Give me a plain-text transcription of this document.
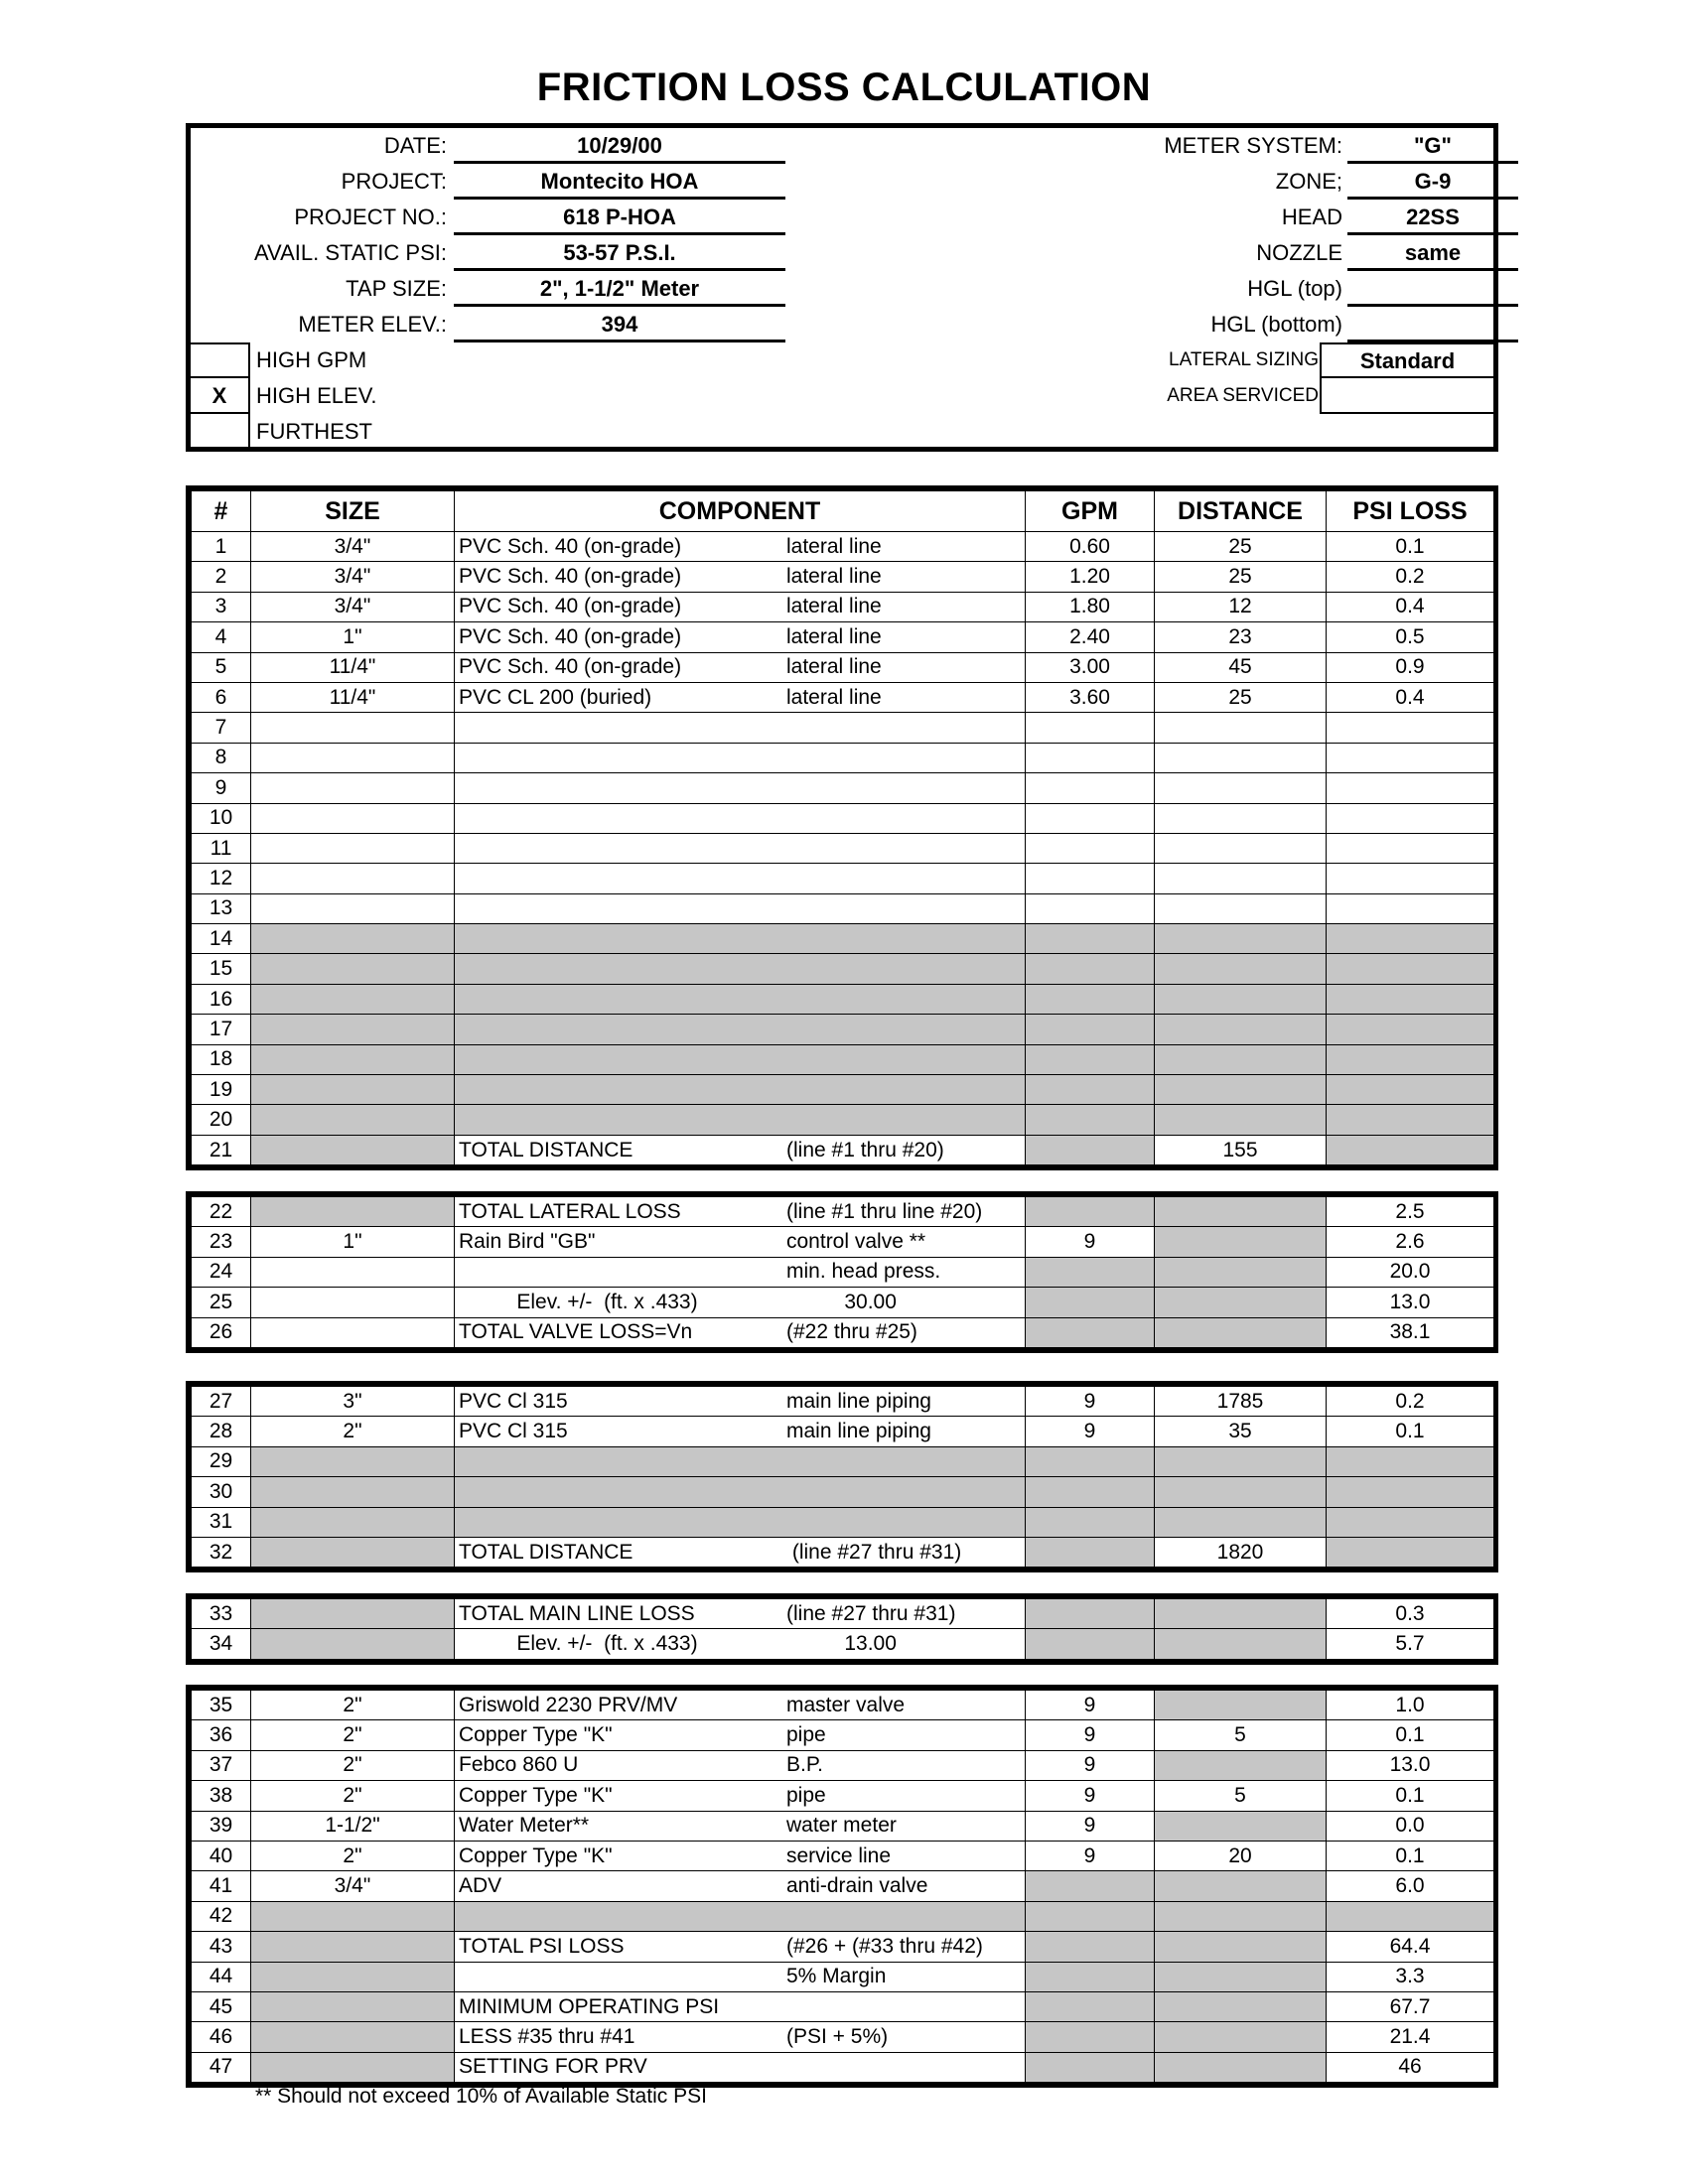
FRICTION LOSS CALCULATION
DATE:	10/29/00
PROJECT:	Montecito HOA
PROJECT NO.:	618 P-HOA
AVAIL. STATIC PSI:	53-57 P.S.I.
TAP SIZE:	2", 1-1/2" Meter
METER ELEV.:	394
METER SYSTEM:	"G"
ZONE;	G-9
HEAD	22SS
NOZZLE	same
HGL (top)
HGL (bottom)
HIGH GPM
X	HIGH ELEV.
FURTHEST
LATERAL SIZING	Standard
AREA SERVICED
#	SIZE	COMPONENT	GPM	DISTANCE	PSI LOSS
1	3/4"	PVC Sch. 40 (on-grade) lateral line	0.60	25	0.1
2	3/4"	PVC Sch. 40 (on-grade) lateral line	1.20	25	0.2
3	3/4"	PVC Sch. 40 (on-grade) lateral line	1.80	12	0.4
4	1"	PVC Sch. 40 (on-grade) lateral line	2.40	23	0.5
5	11/4"	PVC Sch. 40 (on-grade) lateral line	3.00	45	0.9
6	11/4"	PVC CL 200 (buried) lateral line	3.60	25	0.4
7		

8		

9		

10		

11		

12		

13		

14		

15		

16		

17		

18		

19		

20		

21		TOTAL DISTANCE (line #1 thru #20)		155	
22		TOTAL LATERAL LOSS (line #1 thru line #20)			2.5
23	1"	Rain Bird "GB" control valve **	9		2.6
24		min. head press.			20.0
25		Elev. +/-  (ft. x .433) 30.00			13.0
26		TOTAL VALVE LOSS=Vn (#22 thru #25)			38.1
27	3"	PVC Cl 315 main line piping	9	1785	0.2
28	2"	PVC Cl 315 main line piping	9	35	0.1
29		

30		

31		

32		TOTAL DISTANCE (line #27 thru #31)		1820	
33		TOTAL MAIN LINE LOSS (line #27 thru #31)			0.3
34		Elev. +/-  (ft. x .433) 13.00			5.7
35	2"	Griswold 2230 PRV/MV master valve	9		1.0
36	2"	Copper Type "K" pipe	9	5	0.1
37	2"	Febco 860 U B.P.	9		13.0
38	2"	Copper Type "K" pipe	9	5	0.1
39	1-1/2"	Water Meter** water meter	9		0.0
40	2"	Copper Type "K" service line	9	20	0.1
41	3/4"	ADV anti-drain valve			6.0
42		

43		TOTAL PSI LOSS (#26 + (#33 thru #42)			64.4
44		5% Margin			3.3
45		MINIMUM OPERATING PSI			67.7
46		LESS #35 thru #41 (PSI + 5%)			21.4
47		SETTING FOR PRV			46
** Should not exceed 10% of Available Static PSI
